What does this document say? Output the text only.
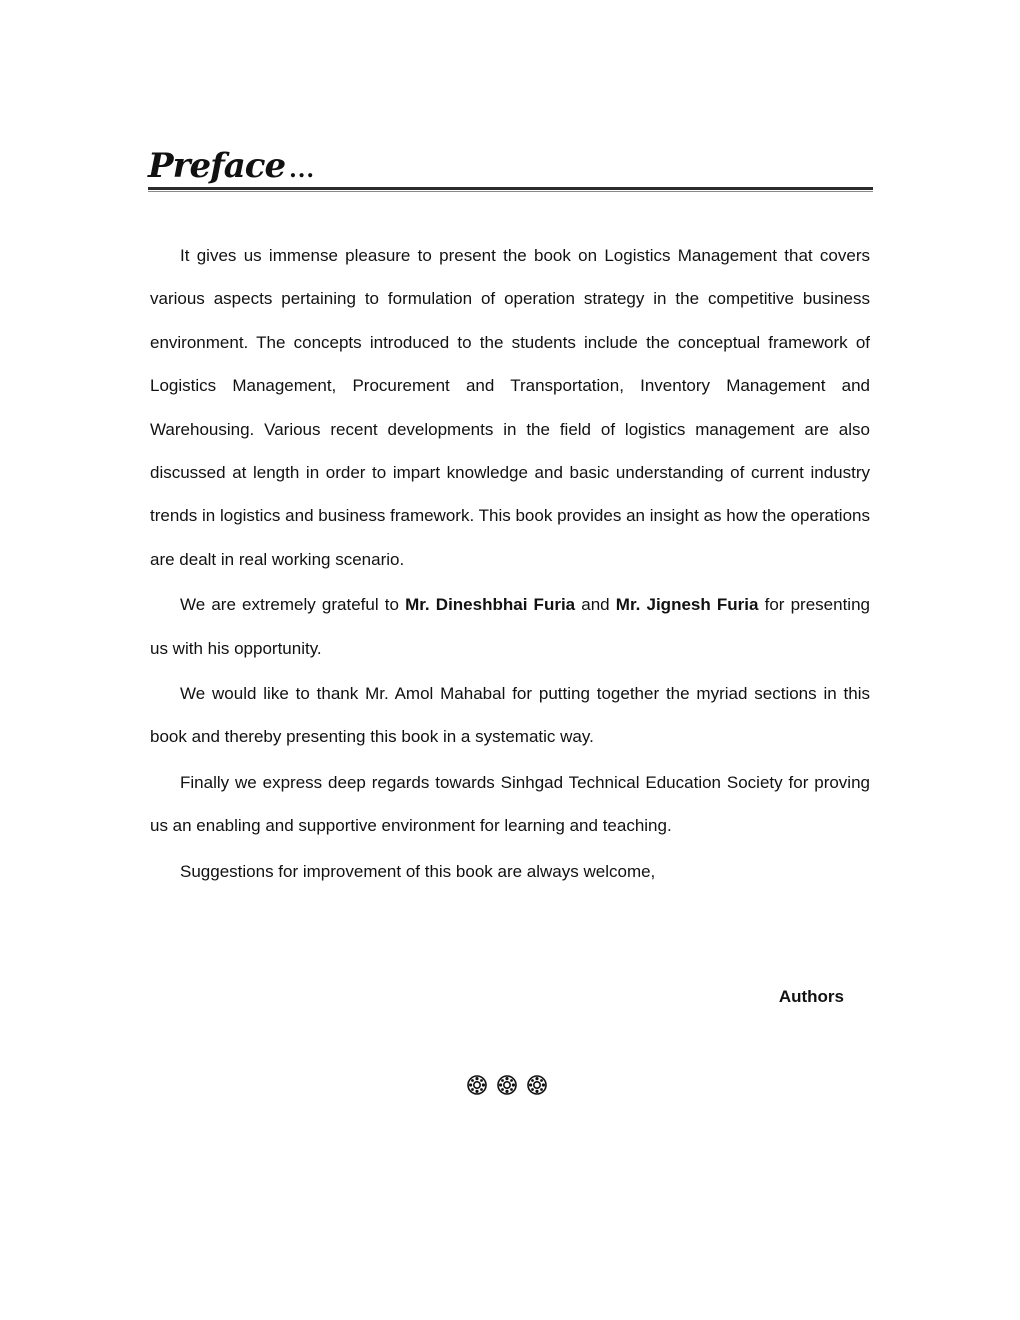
Preface ...

It gives us immense pleasure to present the book on Logistics Management that covers various aspects pertaining to formulation of operation strategy in the competitive business environment. The concepts introduced to the students include the conceptual framework of Logistics Management, Procurement and Transportation, Inventory Management and Warehousing. Various recent developments in the field of logistics management are also discussed at length in order to impart knowledge and basic understanding of current industry trends in logistics and business framework. This book provides an insight as how the operations are dealt in real working scenario.

We are extremely grateful to Mr. Dineshbhai Furia and Mr. Jignesh Furia for presenting us with his opportunity.

We would like to thank Mr. Amol Mahabal for putting together the myriad sections in this book and thereby presenting this book in a systematic way.

Finally we express deep regards towards Sinhgad Technical Education Society for proving us an enabling and supportive environment for learning and teaching.

Suggestions for improvement of this book are always welcome,

Authors
